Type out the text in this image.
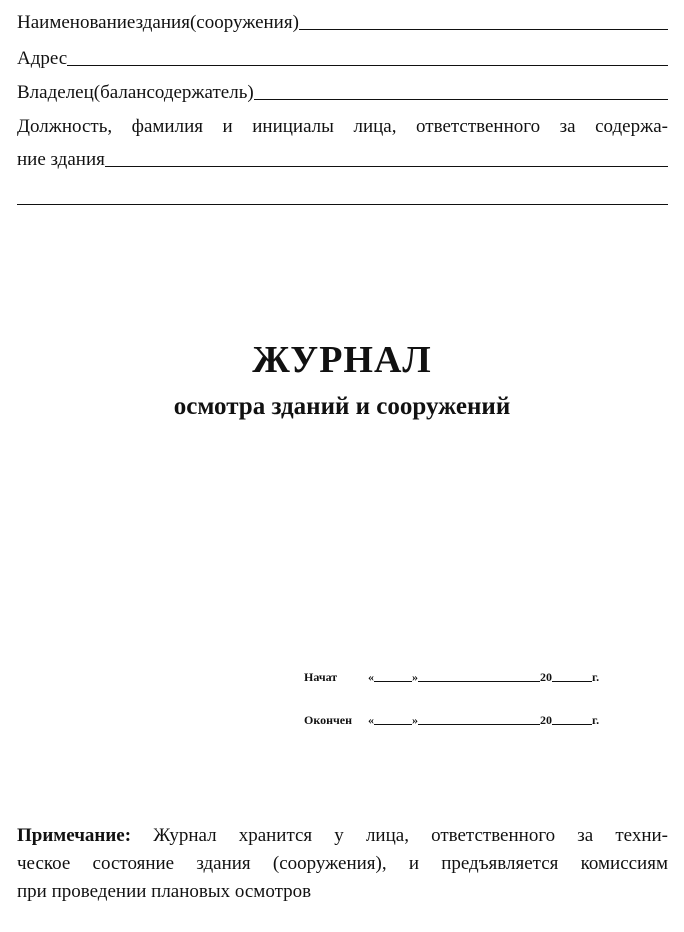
Наименованиездания(сооружения)
Адрес
Владелец(балансодержатель)
Должность, фамилия и инициалы лица, ответственного за содержа-
ние здания
ЖУРНАЛ
осмотра зданий и сооружений
Начат	«	»	20	г.
Окончен	«	»	20	г.
Примечание: Журнал хранится у лица, ответственного за техни-
ческое состояние здания (сооружения), и предъявляется комиссиям
при проведении плановых осмотров
